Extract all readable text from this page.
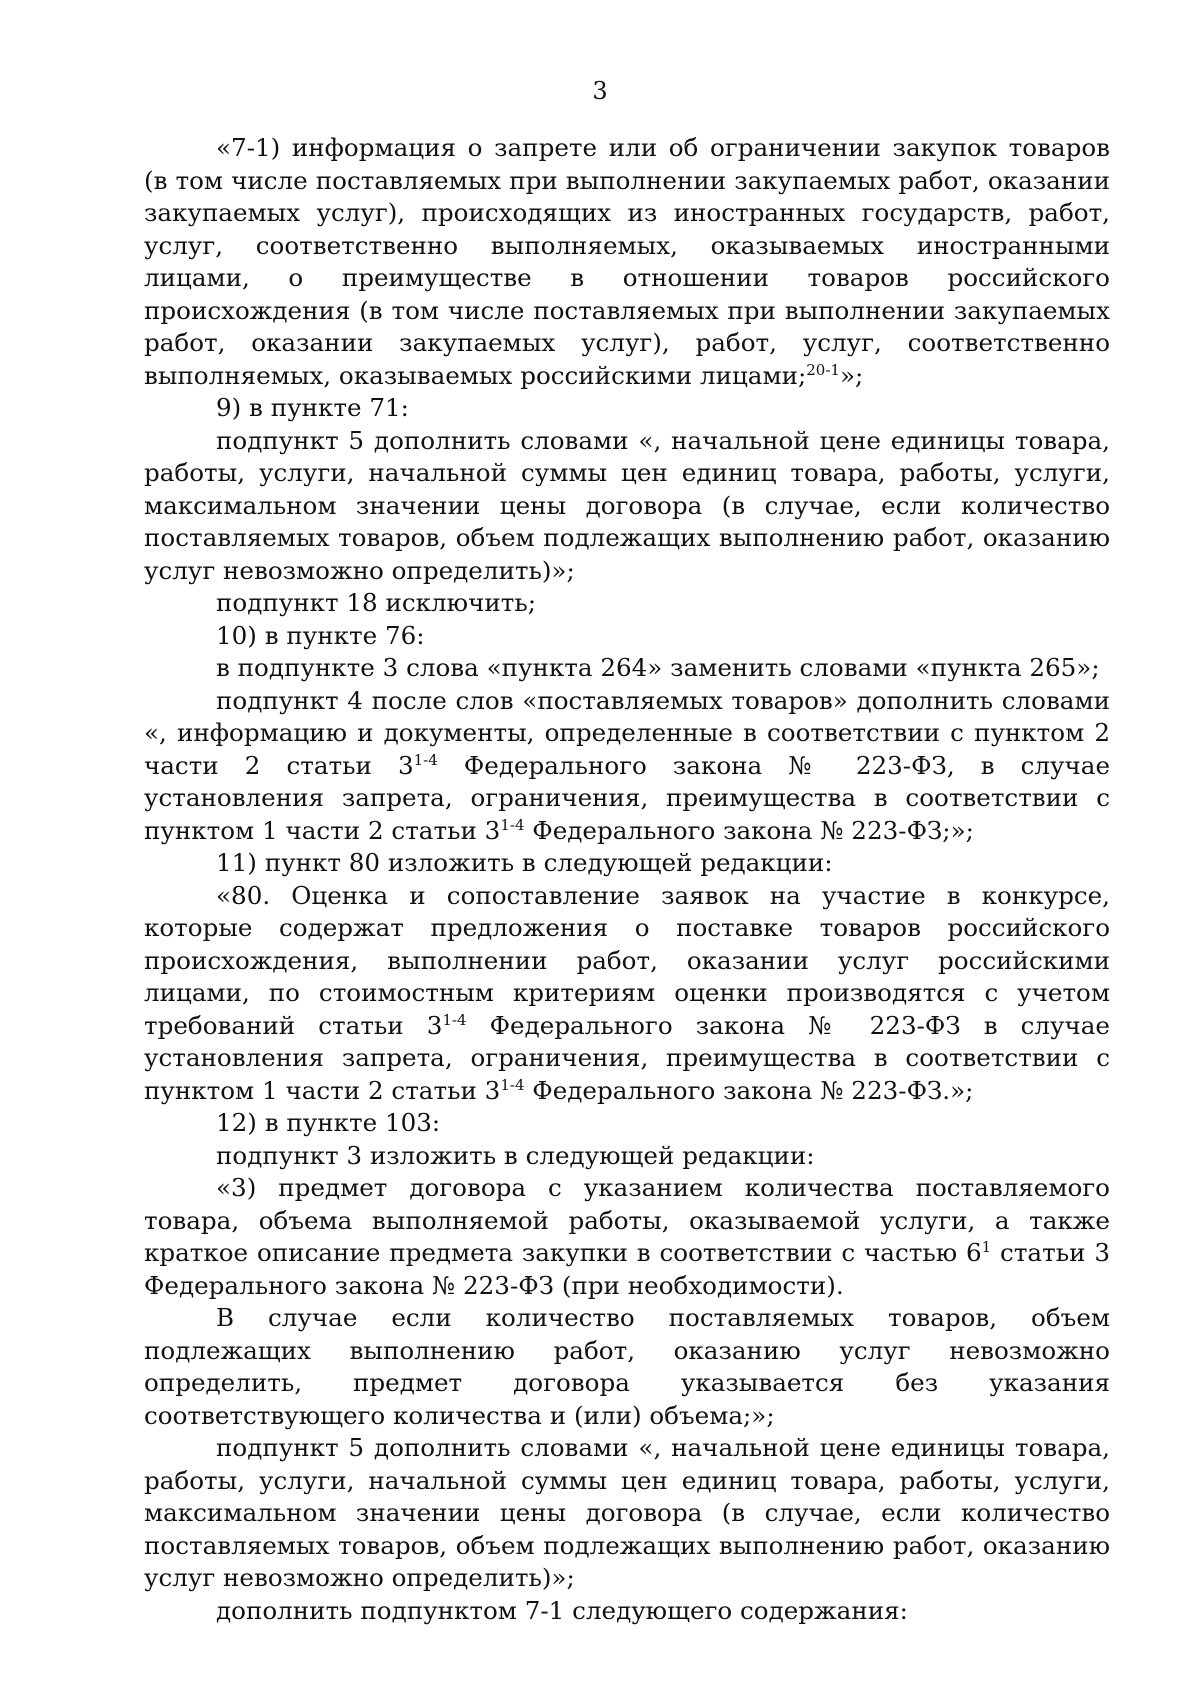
3

«7-1) информация о запрете или об ограничении закупок товаров (в том числе поставляемых при выполнении закупаемых работ, оказании закупаемых услуг), происходящих из иностранных государств, работ, услуг, соответственно выполняемых, оказываемых иностранными лицами, о преимуществе в отношении товаров российского происхождения (в том числе поставляемых при выполнении закупаемых работ, оказании закупаемых услуг), работ, услуг, соответственно выполняемых, оказываемых российскими лицами;$^{20-1}$»;

9) в пункте 71:

подпункт 5 дополнить словами «, начальной цене единицы товара, работы, услуги, начальной суммы цен единиц товара, работы, услуги, максимальном значении цены договора (в случае, если количество поставляемых товаров, объем подлежащих выполнению работ, оказанию услуг невозможно определить)»;

подпункт 18 исключить;

10) в пункте 76:

в подпункте 3 слова «пункта 264» заменить словами «пункта 265»;

подпункт 4 после слов «поставляемых товаров» дополнить словами «, информацию и документы, определенные в соответствии с пунктом 2 части 2 статьи 3$^{1-4}$ Федерального закона № 223-ФЗ, в случае установления запрета, ограничения, преимущества в соответствии с пунктом 1 части 2 статьи 3$^{1-4}$ Федерального закона № 223-ФЗ;»;

11) пункт 80 изложить в следующей редакции:

«80. Оценка и сопоставление заявок на участие в конкурсе, которые содержат предложения о поставке товаров российского происхождения, выполнении работ, оказании услуг российскими лицами, по стоимостным критериям оценки производятся с учетом требований статьи 3$^{1-4}$ Федерального закона № 223-ФЗ в случае установления запрета, ограничения, преимущества в соответствии с пунктом 1 части 2 статьи 3$^{1-4}$ Федерального закона № 223-ФЗ.»;

12) в пункте 103:

подпункт 3 изложить в следующей редакции:

«3) предмет договора с указанием количества поставляемого товара, объема выполняемой работы, оказываемой услуги, а также краткое описание предмета закупки в соответствии с частью $6^1$ статьи 3 Федерального закона № 223-ФЗ (при необходимости).

В случае если количество поставляемых товаров, объем подлежащих выполнению работ, оказанию услуг невозможно определить, предмет договора указывается без указания соответствующего количества и (или) объема;»;

подпункт 5 дополнить словами «, начальной цене единицы товара, работы, услуги, начальной суммы цен единиц товара, работы, услуги, максимальном значении цены договора (в случае, если количество поставляемых товаров, объем подлежащих выполнению работ, оказанию услуг невозможно определить)»;

дополнить подпунктом 7-1 следующего содержания:
